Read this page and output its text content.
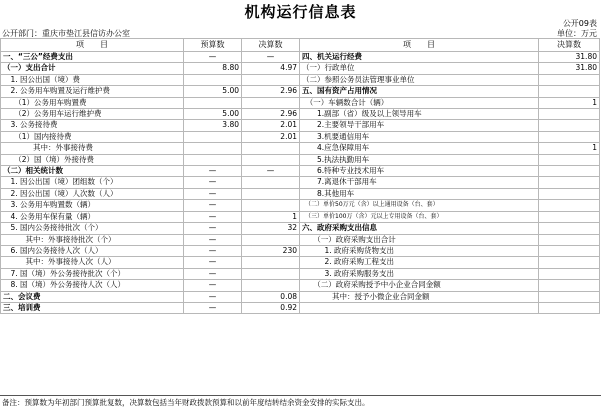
机构运行信息表
公开09表
公开部门：重庆市垫江县信访办公室	单位：万元
项　　目	预算数	决算数	项　　目	决算数
一、“三公”经费支出	—	—	四、机关运行经费	31.80
（一）支出合计	8.80	4.97	（一）行政单位	31.80
　1. 因公出国（境）费			（二）参照公务员法管理事业单位	
　2. 公务用车购置及运行维护费	5.00	2.96	五、国有资产占用情况	
　　（1）公务用车购置费			　（一）车辆数合计（辆）	1
　　（2）公务用车运行维护费	5.00	2.96	　　1.副部（省）级及以上领导用车	
　3. 公务接待费	3.80	2.01	　　2.主要领导干部用车	
　　（1）国内接待费		2.01	　　3.机要通信用车	
　　　　其中：外事接待费			　　4.应急保障用车	1
　　（2）国（境）外接待费			　　5.执法执勤用车	
（二）相关统计数	—	—	　　6.特种专业技术用车	
　1. 因公出国（境）团组数（个）	—		　　7.离退休干部用车	
　2. 因公出国（境）人次数（人）	—		　　8.其他用车	
　3. 公务用车购置数（辆）	—		　（二）单价50万元（含）以上通用设备（台、套）	
　4. 公务用车保有量（辆）	—	1	　（三）单价100万（含）元以上专用设备（台、套）	
　5. 国内公务接待批次（个）	—	32	六、政府采购支出信息	
　　　其中：外事接待批次（个）	—		　　（一）政府采购支出合计	
　6. 国内公务接待人次（人）	—	230	　　　1. 政府采购货物支出	
　　　其中：外事接待人次（人）	—		　　　2. 政府采购工程支出	
　7. 国（境）外公务接待批次（个）	—		　　　3. 政府采购服务支出	
　8. 国（境）外公务接待人次（人）	—		　　（二）政府采购授予中小企业合同金额	
二、会议费	—	0.08	　　　　其中：授予小微企业合同金额	
三、培训费	—	0.92		
备注：预算数为年初部门预算批复数，决算数包括当年财政拨款预算和以前年度结转结余资金安排的实际支出。
